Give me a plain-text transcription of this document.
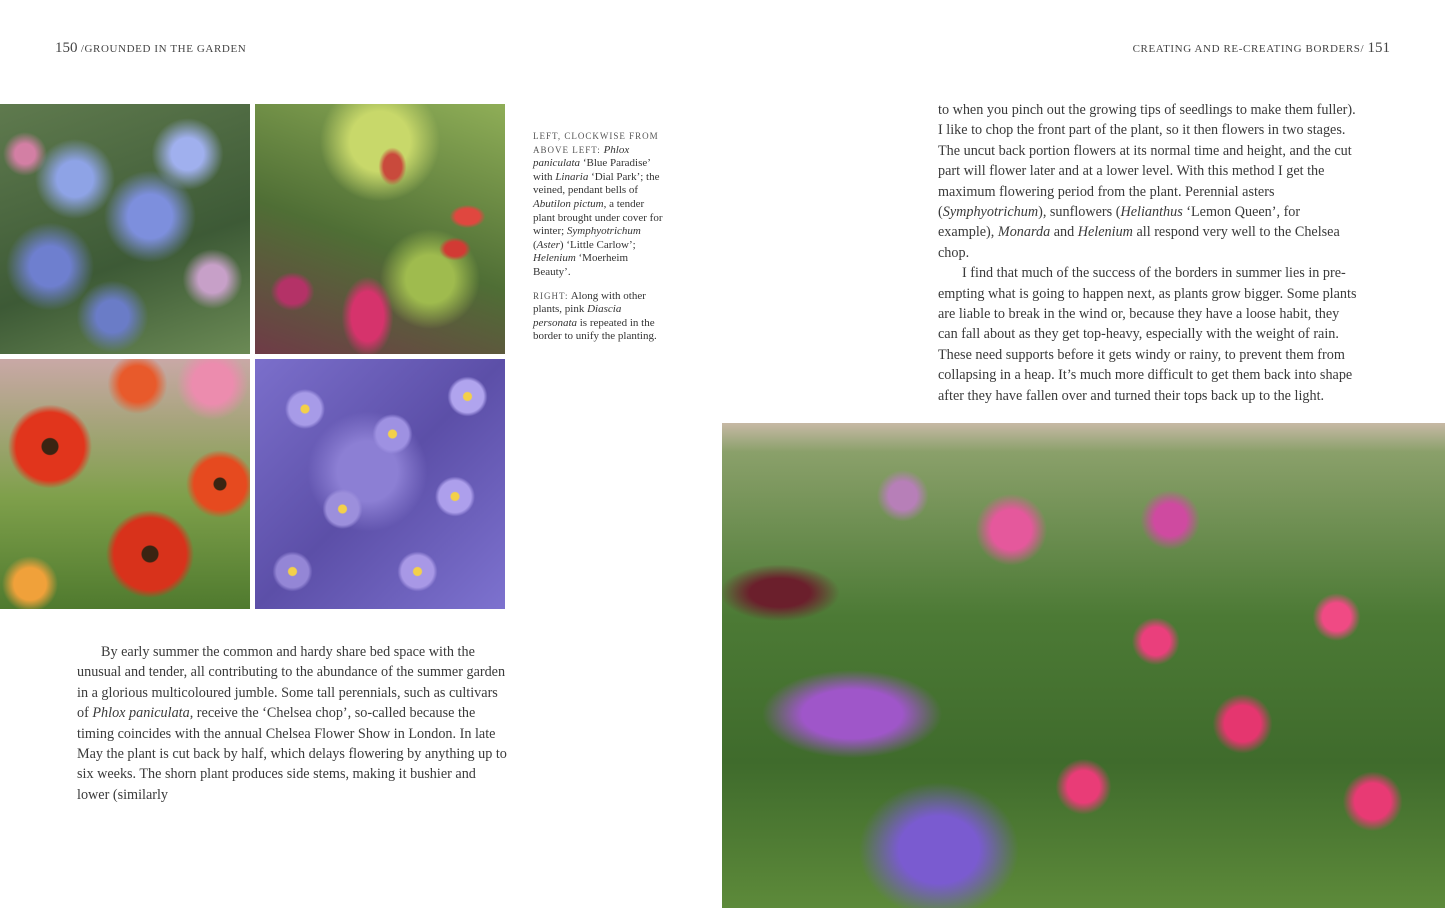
150 /GROUNDED IN THE GARDEN	CREATING AND RE-CREATING BORDERS/ 151

LEFT, CLOCKWISE FROM ABOVE LEFT: Phlox paniculata ‘Blue Paradise’ with Linaria ‘Dial Park’; the veined, pendant bells of Abutilon pictum, a tender plant brought under cover for winter; Symphyotrichum (Aster) ‘Little Carlow’; Helenium ‘Moerheim Beauty’.

RIGHT: Along with other plants, pink Diascia personata is repeated in the border to unify the planting.

By early summer the common and hardy share bed space with the unusual and tender, all contributing to the abundance of the summer garden in a glorious multicoloured jumble. Some tall perennials, such as cultivars of Phlox paniculata, receive the ‘Chelsea chop’, so-called because the timing coincides with the annual Chelsea Flower Show in London. In late May the plant is cut back by half, which delays flowering by anything up to six weeks. The shorn plant produces side stems, making it bushier and lower (similarly

to when you pinch out the growing tips of seedlings to make them fuller). I like to chop the front part of the plant, so it then flowers in two stages. The uncut back portion flowers at its normal time and height, and the cut part will flower later and at a lower level. With this method I get the maximum flowering period from the plant. Perennial asters (Symphyotrichum), sunflowers (Helianthus ‘Lemon Queen’, for example), Monarda and Helenium all respond very well to the Chelsea chop.

I find that much of the success of the borders in summer lies in pre-empting what is going to happen next, as plants grow bigger. Some plants are liable to break in the wind or, because they have a loose habit, they can fall about as they get top-heavy, especially with the weight of rain. These need supports before it gets windy or rainy, to prevent them from collapsing in a heap. It’s much more difficult to get them back into shape after they have fallen over and turned their tops back up to the light.
